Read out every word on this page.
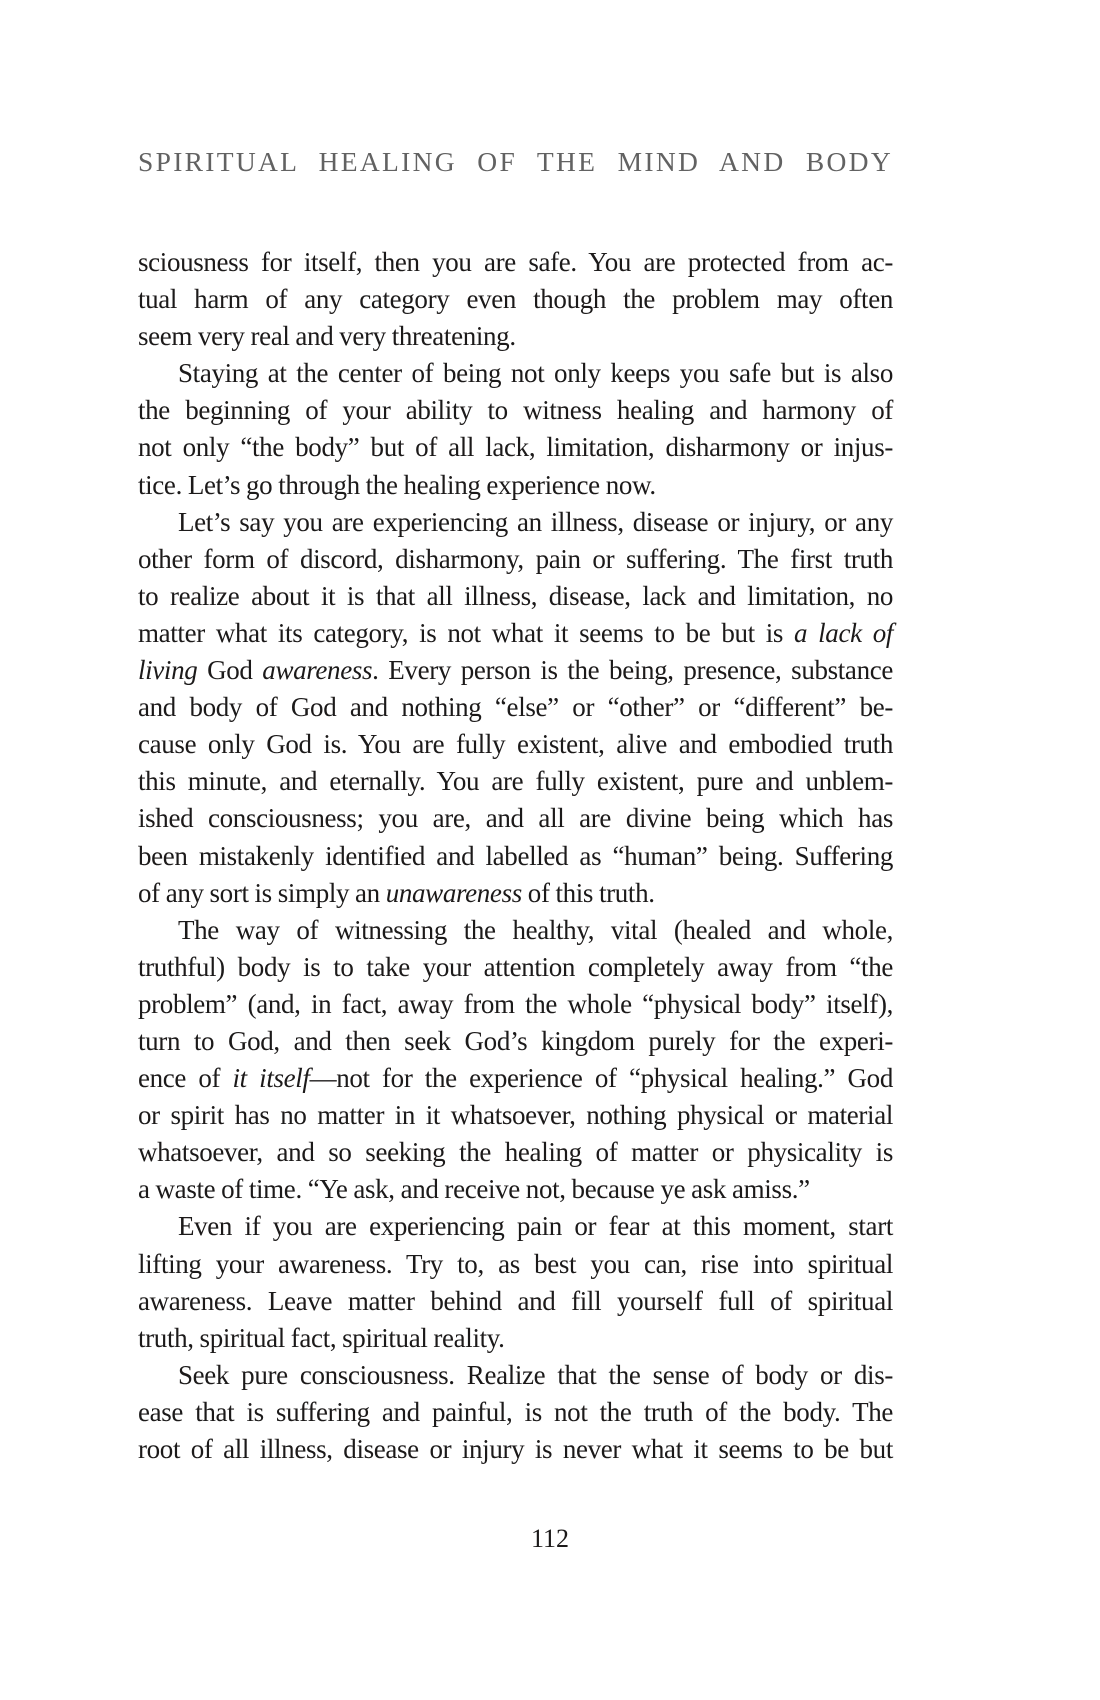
SPIRITUAL HEALING OF THE MIND AND BODY
sciousness for itself, then you are safe. You are protected from ac-
tual harm of any category even though the problem may often
seem very real and very threatening.
Staying at the center of being not only keeps you safe but is also
the beginning of your ability to witness healing and harmony of
not only “the body” but of all lack, limitation, disharmony or injus-
tice. Let’s go through the healing experience now.
Let’s say you are experiencing an illness, disease or injury, or any
other form of discord, disharmony, pain or suffering. The first truth
to realize about it is that all illness, disease, lack and limitation, no
matter what its category, is not what it seems to be but is a lack of
living God awareness. Every person is the being, presence, substance
and body of God and nothing “else” or “other” or “different” be-
cause only God is. You are fully existent, alive and embodied truth
this minute, and eternally. You are fully existent, pure and unblem-
ished consciousness; you are, and all are divine being which has
been mistakenly identified and labelled as “human” being. Suffering
of any sort is simply an unawareness of this truth.
The way of witnessing the healthy, vital (healed and whole,
truthful) body is to take your attention completely away from “the
problem” (and, in fact, away from the whole “physical body” itself),
turn to God, and then seek God’s kingdom purely for the experi-
ence of it itself—not for the experience of “physical healing.” God
or spirit has no matter in it whatsoever, nothing physical or material
whatsoever, and so seeking the healing of matter or physicality is
a waste of time. “Ye ask, and receive not, because ye ask amiss.”
Even if you are experiencing pain or fear at this moment, start
lifting your awareness. Try to, as best you can, rise into spiritual
awareness. Leave matter behind and fill yourself full of spiritual
truth, spiritual fact, spiritual reality.
Seek pure consciousness. Realize that the sense of body or dis-
ease that is suffering and painful, is not the truth of the body. The
root of all illness, disease or injury is never what it seems to be but
112
